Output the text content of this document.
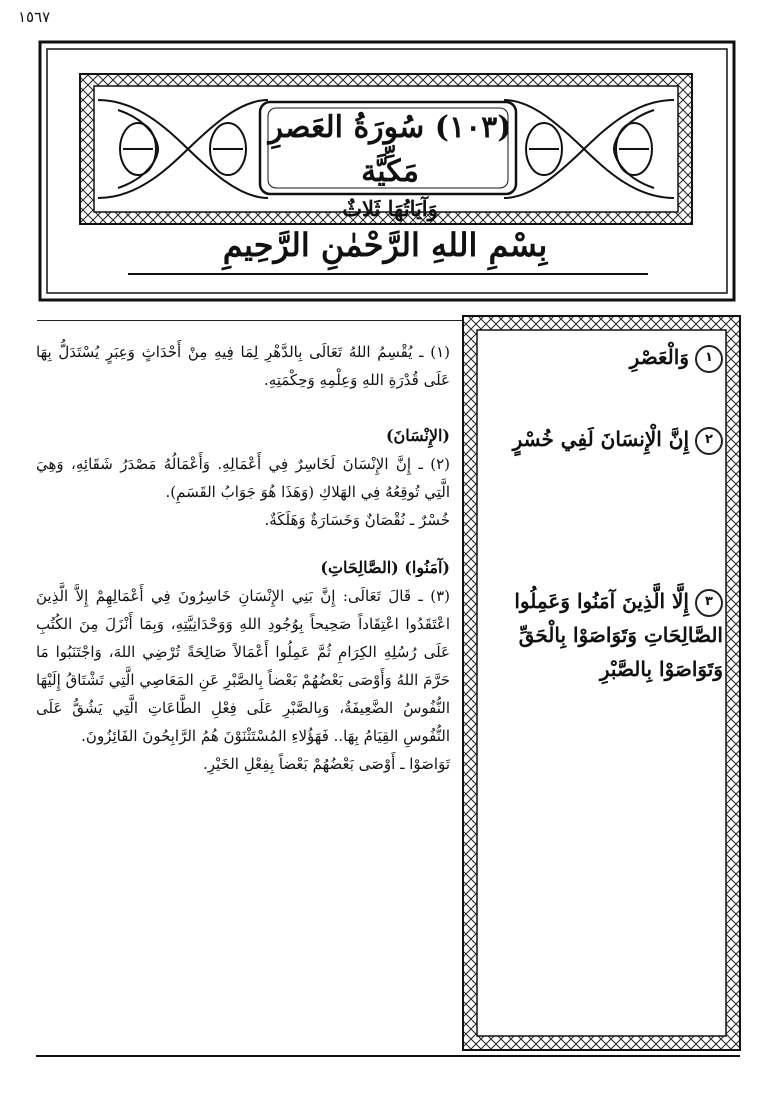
١٥٦٧
(١٠٣) سُورَةُ العَصرِ مَكِّيَّة
وَآيَاتُهَا ثَلاثٌ
بِسْمِ اللهِ الرَّحْمٰنِ الرَّحِيمِ
١وَالْعَصْرِ
٢إِنَّ الْإِنسَانَ لَفِي خُسْرٍ
٣إِلَّا الَّذِينَ آمَنُوا وَعَمِلُوا
الصَّالِحَاتِ وَتَوَاصَوْا بِالْحَقِّ
وَتَوَاصَوْا بِالصَّبْرِ

(١) ـ يُقْسِمُ اللهُ تَعَالَى بِالدَّهْرِ لِمَا فِيهِ مِنْ أَحْدَاثٍ وَعِبَرٍ يُسْتَدَلُّ بِهَا عَلَى قُدْرَةِ اللهِ وَعِلْمِهِ وَحِكْمَتِهِ.

(الإِنْسَانَ)

(٢) ـ إِنَّ الإِنْسَانَ لَخَاسِرٌ فِي أَعْمَالِهِ. وَأَعْمَالُهُ مَصْدَرُ شَقَائِهِ، وَهِيَ الَّتِي تُوقِعُهُ فِي الهَلاكِ (وَهَذَا هُوَ جَوَابُ القَسَمِ).

خُسْرٌ ـ نُقْصَانٌ وَخَسَارَةٌ وَهَلَكَةٌ.

(آمَنُوا) (الصَّالِحَاتِ)

(٣) ـ قَالَ تَعَالَى: إِنَّ بَنِي الإِنْسَانِ خَاسِرُونَ فِي أَعْمَالِهِمْ إِلاَّ الَّذِينَ اعْتَقَدُوا اعْتِقَاداً صَحِيحاً بِوُجُودِ اللهِ وَوَحْدَانِيَّتِهِ، وَبِمَا أَنْزَلَ مِنَ الكُتُبِ عَلَى رُسُلِهِ الكِرَامِ ثُمَّ عَمِلُوا أَعْمَالاً صَالِحَةً تُرْضِي اللهَ، وَاجْتَنَبُوا مَا حَرَّمَ اللهُ وَأَوْصَى بَعْضُهُمْ بَعْضاً بِالصَّبْرِ عَنِ المَعَاصِي الَّتِي تَشْتَاقُ إِلَيْهَا النُّفُوسُ الضَّعِيفَةُ، وَبِالصَّبْرِ عَلَى فِعْلِ الطَّاعَاتِ الَّتِي يَشُقُّ عَلَى النُّفُوسِ القِيَامُ بِهَا.. فَهَؤُلاءِ المُسْتَثْنَوْنَ هُمُ الرَّابِحُونَ الفَائِزُونَ.

تَوَاصَوْا ـ أَوْصَى بَعْضُهُمْ بَعْضاً بِفِعْلِ الخَيْرِ.
